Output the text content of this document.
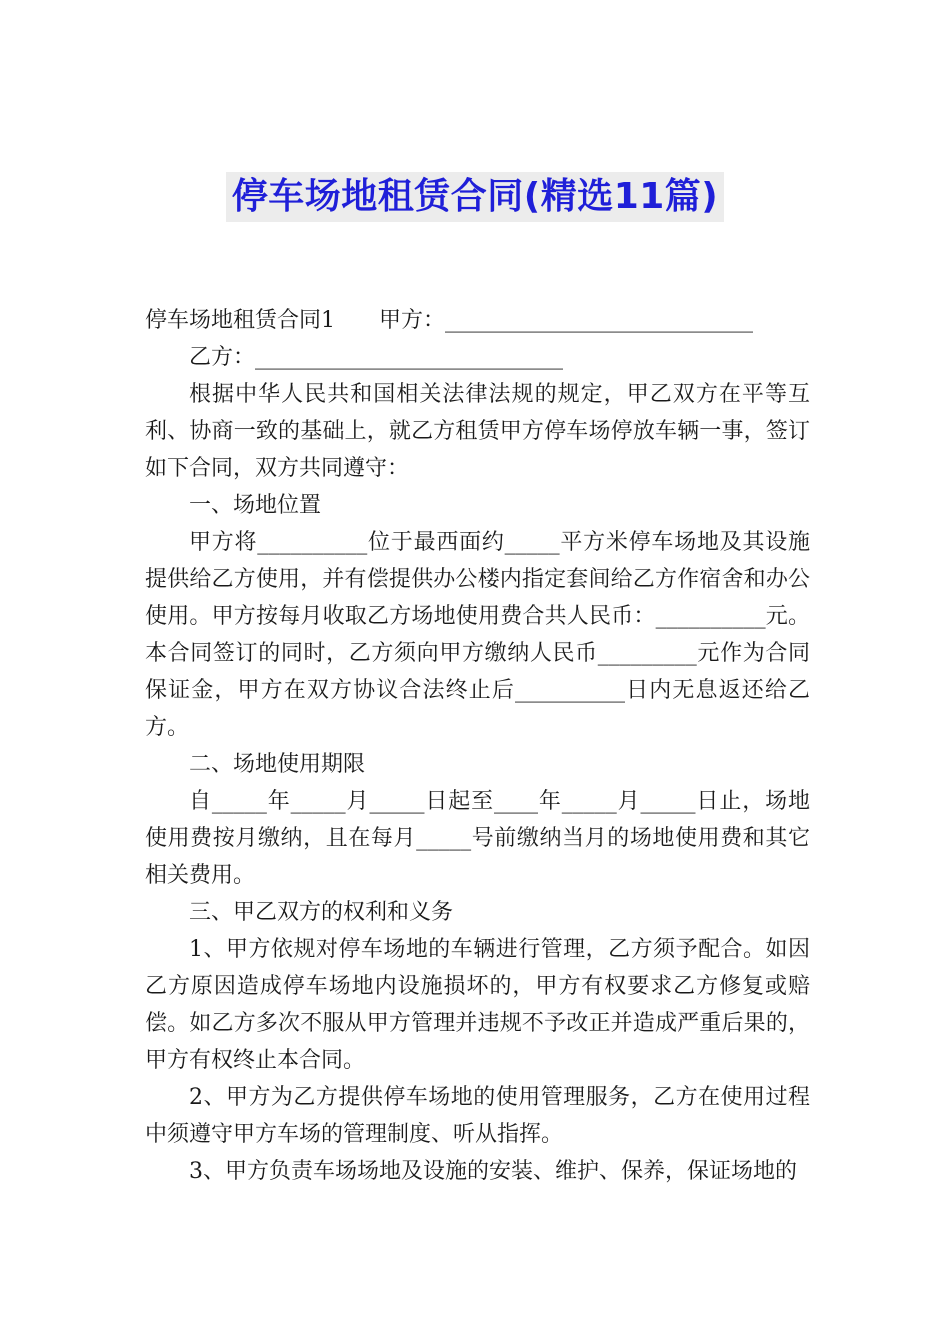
停车场地租赁合同(精选11篇)

停车场地租赁合同1 甲方：____________________________

乙方：____________________________

根据中华人民共和国相关法律法规的规定，甲乙双方在平等互利、协商一致的基础上，就乙方租赁甲方停车场停放车辆一事，签订如下合同，双方共同遵守：

一、场地位置

甲方将__________位于最西面约_____平方米停车场地及其设施提供给乙方使用，并有偿提供办公楼内指定套间给乙方作宿舍和办公使用。甲方按每月收取乙方场地使用费合共人民币：__________元。本合同签订的同时，乙方须向甲方缴纳人民币_________元作为合同保证金，甲方在双方协议合法终止后__________日内无息返还给乙方。

二、场地使用期限

自_____年_____月_____日起至____年_____月_____日止，场地使用费按月缴纳，且在每月_____号前缴纳当月的场地使用费和其它相关费用。

三、甲乙双方的权利和义务

1、甲方依规对停车场地的车辆进行管理，乙方须予配合。如因乙方原因造成停车场地内设施损坏的，甲方有权要求乙方修复或赔偿。如乙方多次不服从甲方管理并违规不予改正并造成严重后果的，甲方有权终止本合同。

2、甲方为乙方提供停车场地的使用管理服务，乙方在使用过程中须遵守甲方车场的管理制度、听从指挥。

3、甲方负责车场场地及设施的安装、维护、保养，保证场地的
